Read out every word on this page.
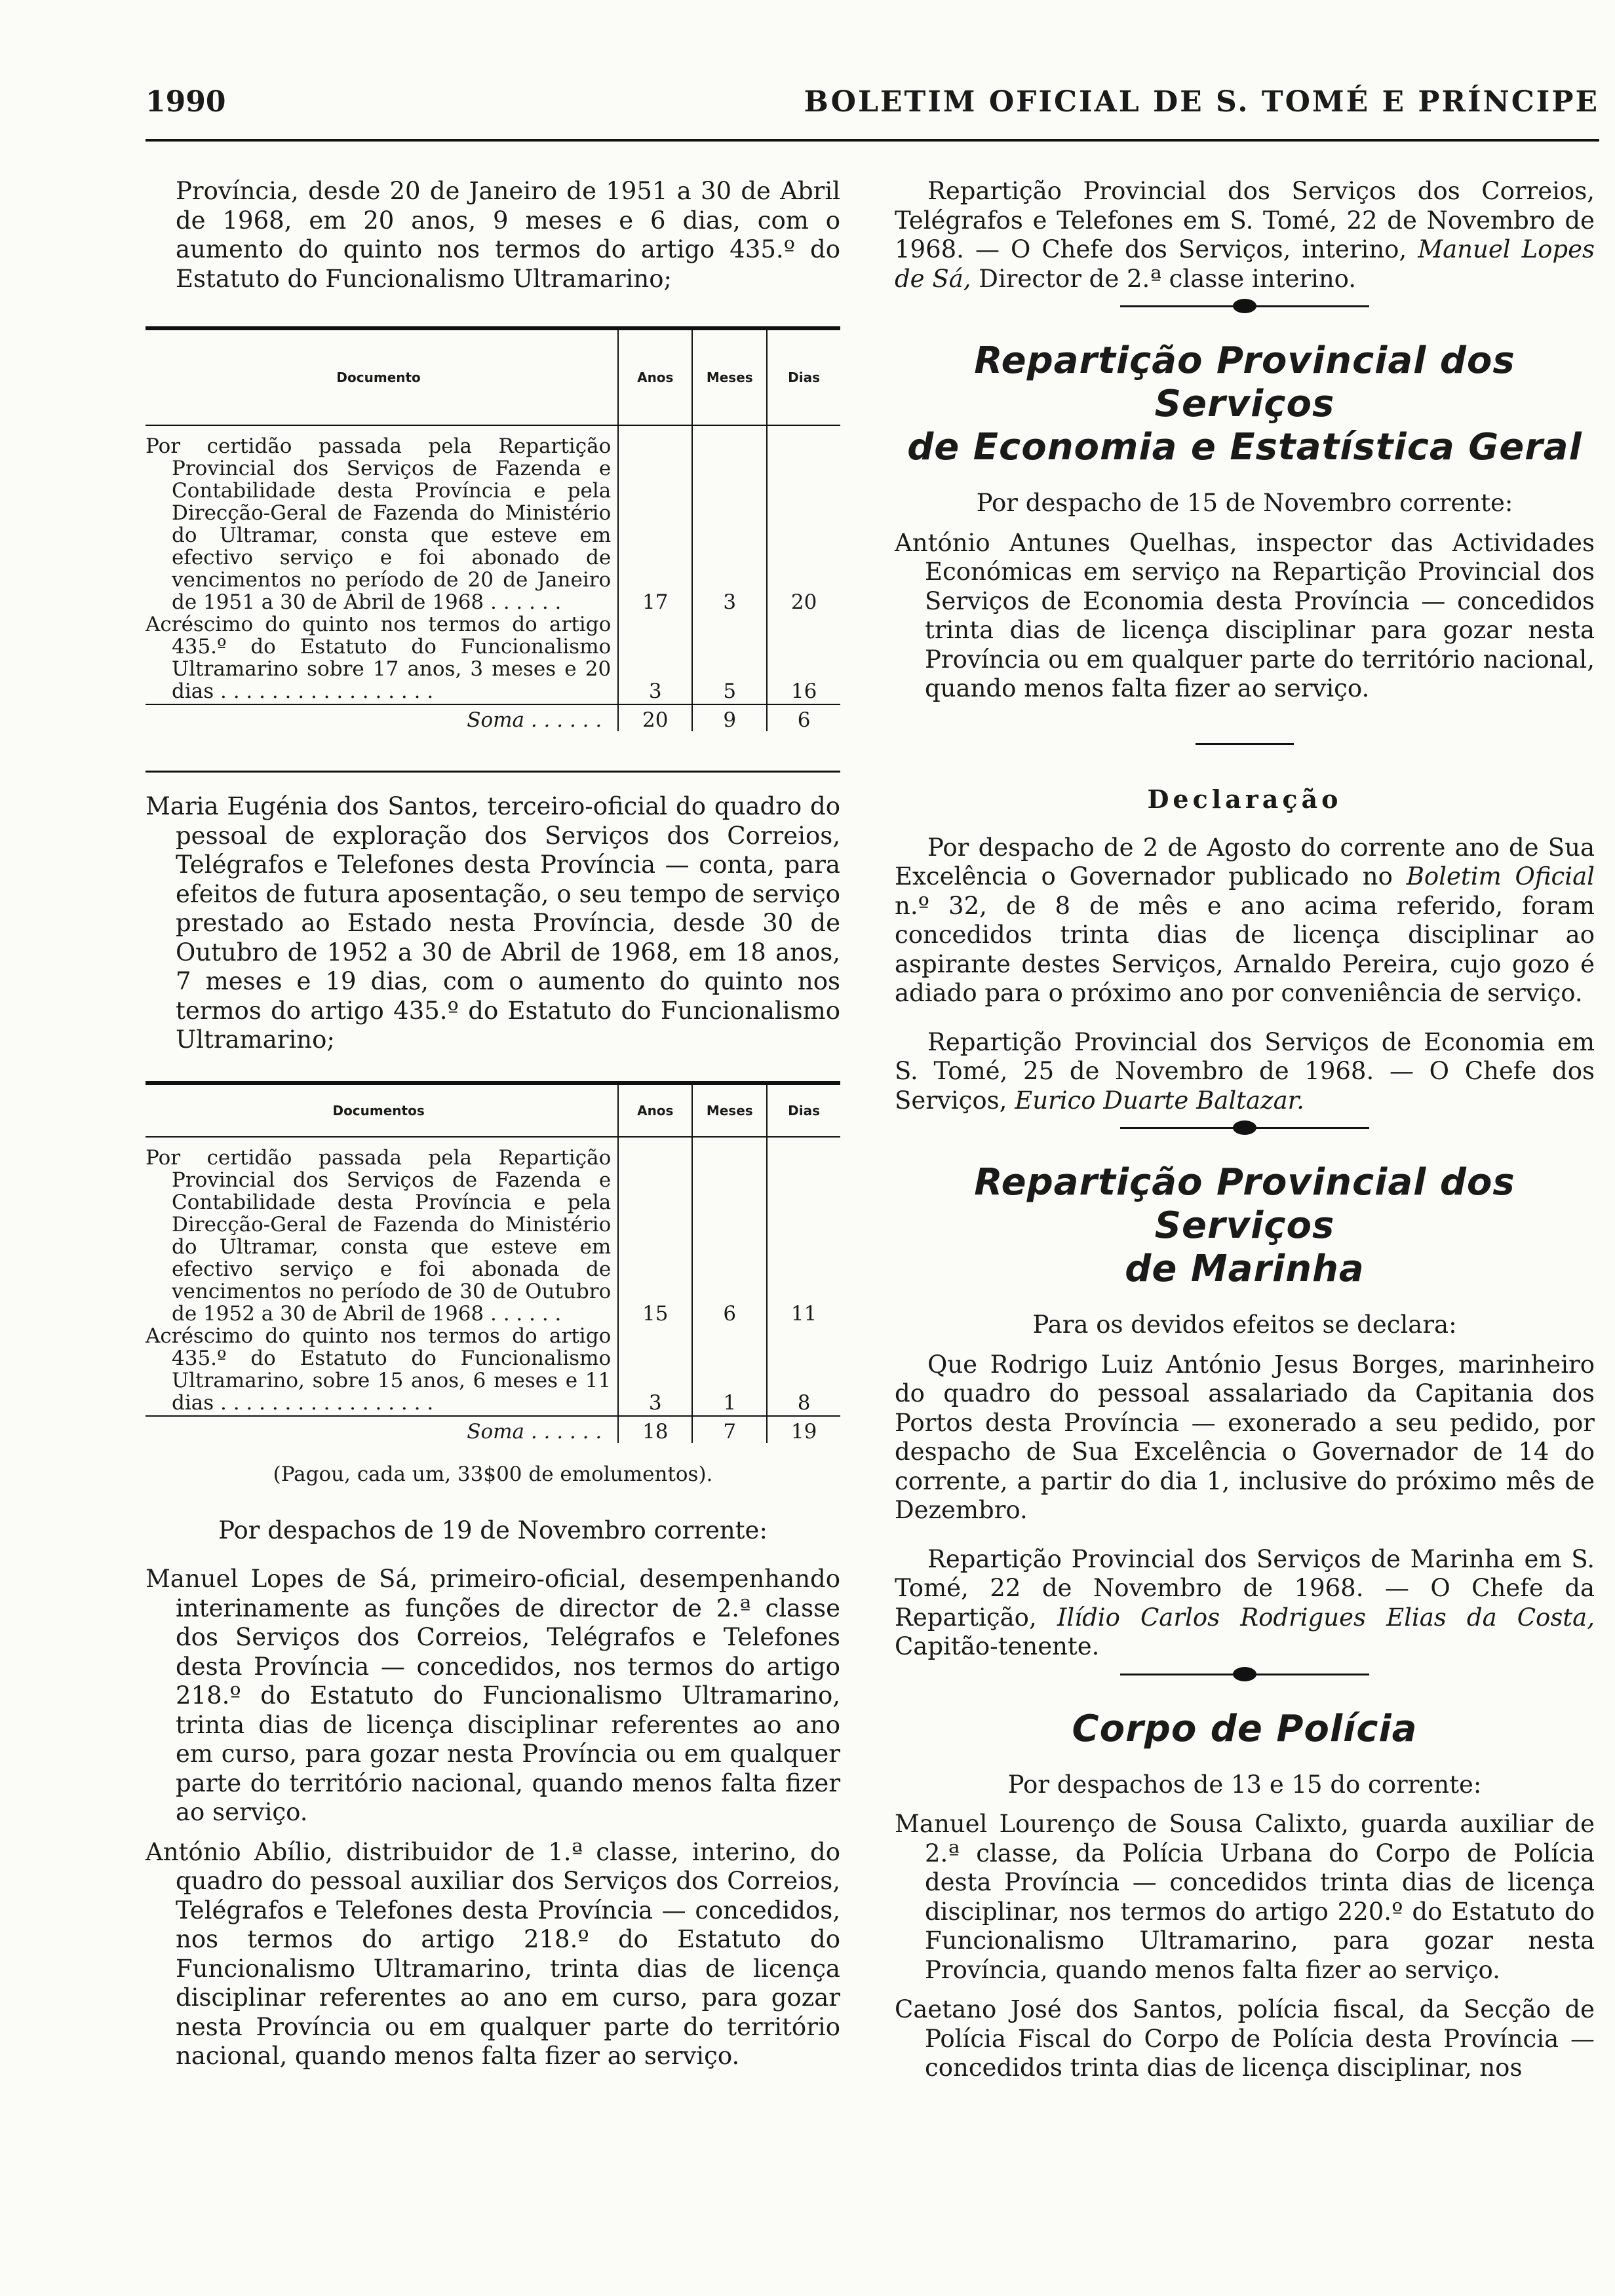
1990	BOLETIM OFICIAL DE S. TOMÉ E PRÍNCIPE

Província, desde 20 de Janeiro de 1951 a 30 de Abril de 1968, em 20 anos, 9 meses e 6 dias, com o aumento do quinto nos termos do artigo 435.º do Estatuto do Funcionalismo Ultramarino;

Documento	Anos	Meses	Dias

Por certidão passada pela Repartição Provincial dos Serviços de Fazenda e Contabilidade desta Província e pela Direcção-Geral de Fazenda do Ministério do Ultramar, consta que esteve em efectivo serviço e foi abonado de vencimentos no período de 20 de Janeiro de 1951 a 30 de Abril de 1968 . . . . . .	17	3	20

Acréscimo do quinto nos termos do artigo 435.º do Estatuto do Funcionalismo Ultramarino sobre 17 anos, 3 meses e 20 dias . . . . . . . . . . . . . . . . .	3	5	16
Soma . . . . . .	20	9	6

Maria Eugénia dos Santos, terceiro-oficial do quadro do pessoal de exploração dos Serviços dos Correios, Telégrafos e Telefones desta Província — conta, para efeitos de futura aposentação, o seu tempo de serviço prestado ao Estado nesta Província, desde 30 de Outubro de 1952 a 30 de Abril de 1968, em 18 anos, 7 meses e 19 dias, com o aumento do quinto nos termos do artigo 435.º do Estatuto do Funcionalismo Ultramarino;

Documentos	Anos	Meses	Dias

Por certidão passada pela Repartição Provincial dos Serviços de Fazenda e Contabilidade desta Província e pela Direcção-Geral de Fazenda do Ministério do Ultramar, consta que esteve em efectivo serviço e foi abonada de vencimentos no período de 30 de Outubro de 1952 a 30 de Abril de 1968 . . . . . .	15	6	11

Acréscimo do quinto nos termos do artigo 435.º do Estatuto do Funcionalismo Ultramarino, sobre 15 anos, 6 meses e 11 dias . . . . . . . . . . . . . . . . .	3	1	8
Soma . . . . . .	18	7	19

(Pagou, cada um, 33$00 de emolumentos).

Por despachos de 19 de Novembro corrente:

Manuel Lopes de Sá, primeiro-oficial, desempenhando interinamente as funções de director de 2.ª classe dos Serviços dos Correios, Telégrafos e Telefones desta Província — concedidos, nos termos do artigo 218.º do Estatuto do Funcionalismo Ultramarino, trinta dias de licença disciplinar referentes ao ano em curso, para gozar nesta Província ou em qualquer parte do território nacional, quando menos falta fizer ao serviço.

António Abílio, distribuidor de 1.ª classe, interino, do quadro do pessoal auxiliar dos Serviços dos Correios, Telégrafos e Telefones desta Província — concedidos, nos termos do artigo 218.º do Estatuto do Funcionalismo Ultramarino, trinta dias de licença disciplinar referentes ao ano em curso, para gozar nesta Província ou em qualquer parte do território nacional, quando menos falta fizer ao serviço.

Repartição Provincial dos Serviços dos Correios, Telégrafos e Telefones em S. Tomé, 22 de Novembro de 1968. — O Chefe dos Serviços, interino, Manuel Lopes de Sá, Director de 2.ª classe interino.

Repartição Provincial dos Serviços

de Economia e Estatística Geral

Por despacho de 15 de Novembro corrente:

António Antunes Quelhas, inspector das Actividades Económicas em serviço na Repartição Provincial dos Serviços de Economia desta Província — concedidos trinta dias de licença disciplinar para gozar nesta Província ou em qualquer parte do território nacional, quando menos falta fizer ao serviço.

Declaração

Por despacho de 2 de Agosto do corrente ano de Sua Excelência o Governador publicado no Boletim Oficial n.º 32, de 8 de mês e ano acima referido, foram concedidos trinta dias de licença disciplinar ao aspirante destes Serviços, Arnaldo Pereira, cujo gozo é adiado para o próximo ano por conveniência de serviço.

Repartição Provincial dos Serviços de Economia em S. Tomé, 25 de Novembro de 1968. — O Chefe dos Serviços, Eurico Duarte Baltazar.

Repartição Provincial dos Serviços

de Marinha

Para os devidos efeitos se declara:

Que Rodrigo Luiz António Jesus Borges, marinheiro do quadro do pessoal assalariado da Capitania dos Portos desta Província — exonerado a seu pedido, por despacho de Sua Excelência o Governador de 14 do corrente, a partir do dia 1, inclusive do próximo mês de Dezembro.

Repartição Provincial dos Serviços de Marinha em S. Tomé, 22 de Novembro de 1968. — O Chefe da Repartição, Ilídio Carlos Rodrigues Elias da Costa, Capitão-tenente.

Corpo de Polícia

Por despachos de 13 e 15 do corrente:

Manuel Lourenço de Sousa Calixto, guarda auxiliar de 2.ª classe, da Polícia Urbana do Corpo de Polícia desta Província — concedidos trinta dias de licença disciplinar, nos termos do artigo 220.º do Estatuto do Funcionalismo Ultramarino, para gozar nesta Província, quando menos falta fizer ao serviço.

Caetano José dos Santos, polícia fiscal, da Secção de Polícia Fiscal do Corpo de Polícia desta Província — concedidos trinta dias de licença disciplinar, nos
